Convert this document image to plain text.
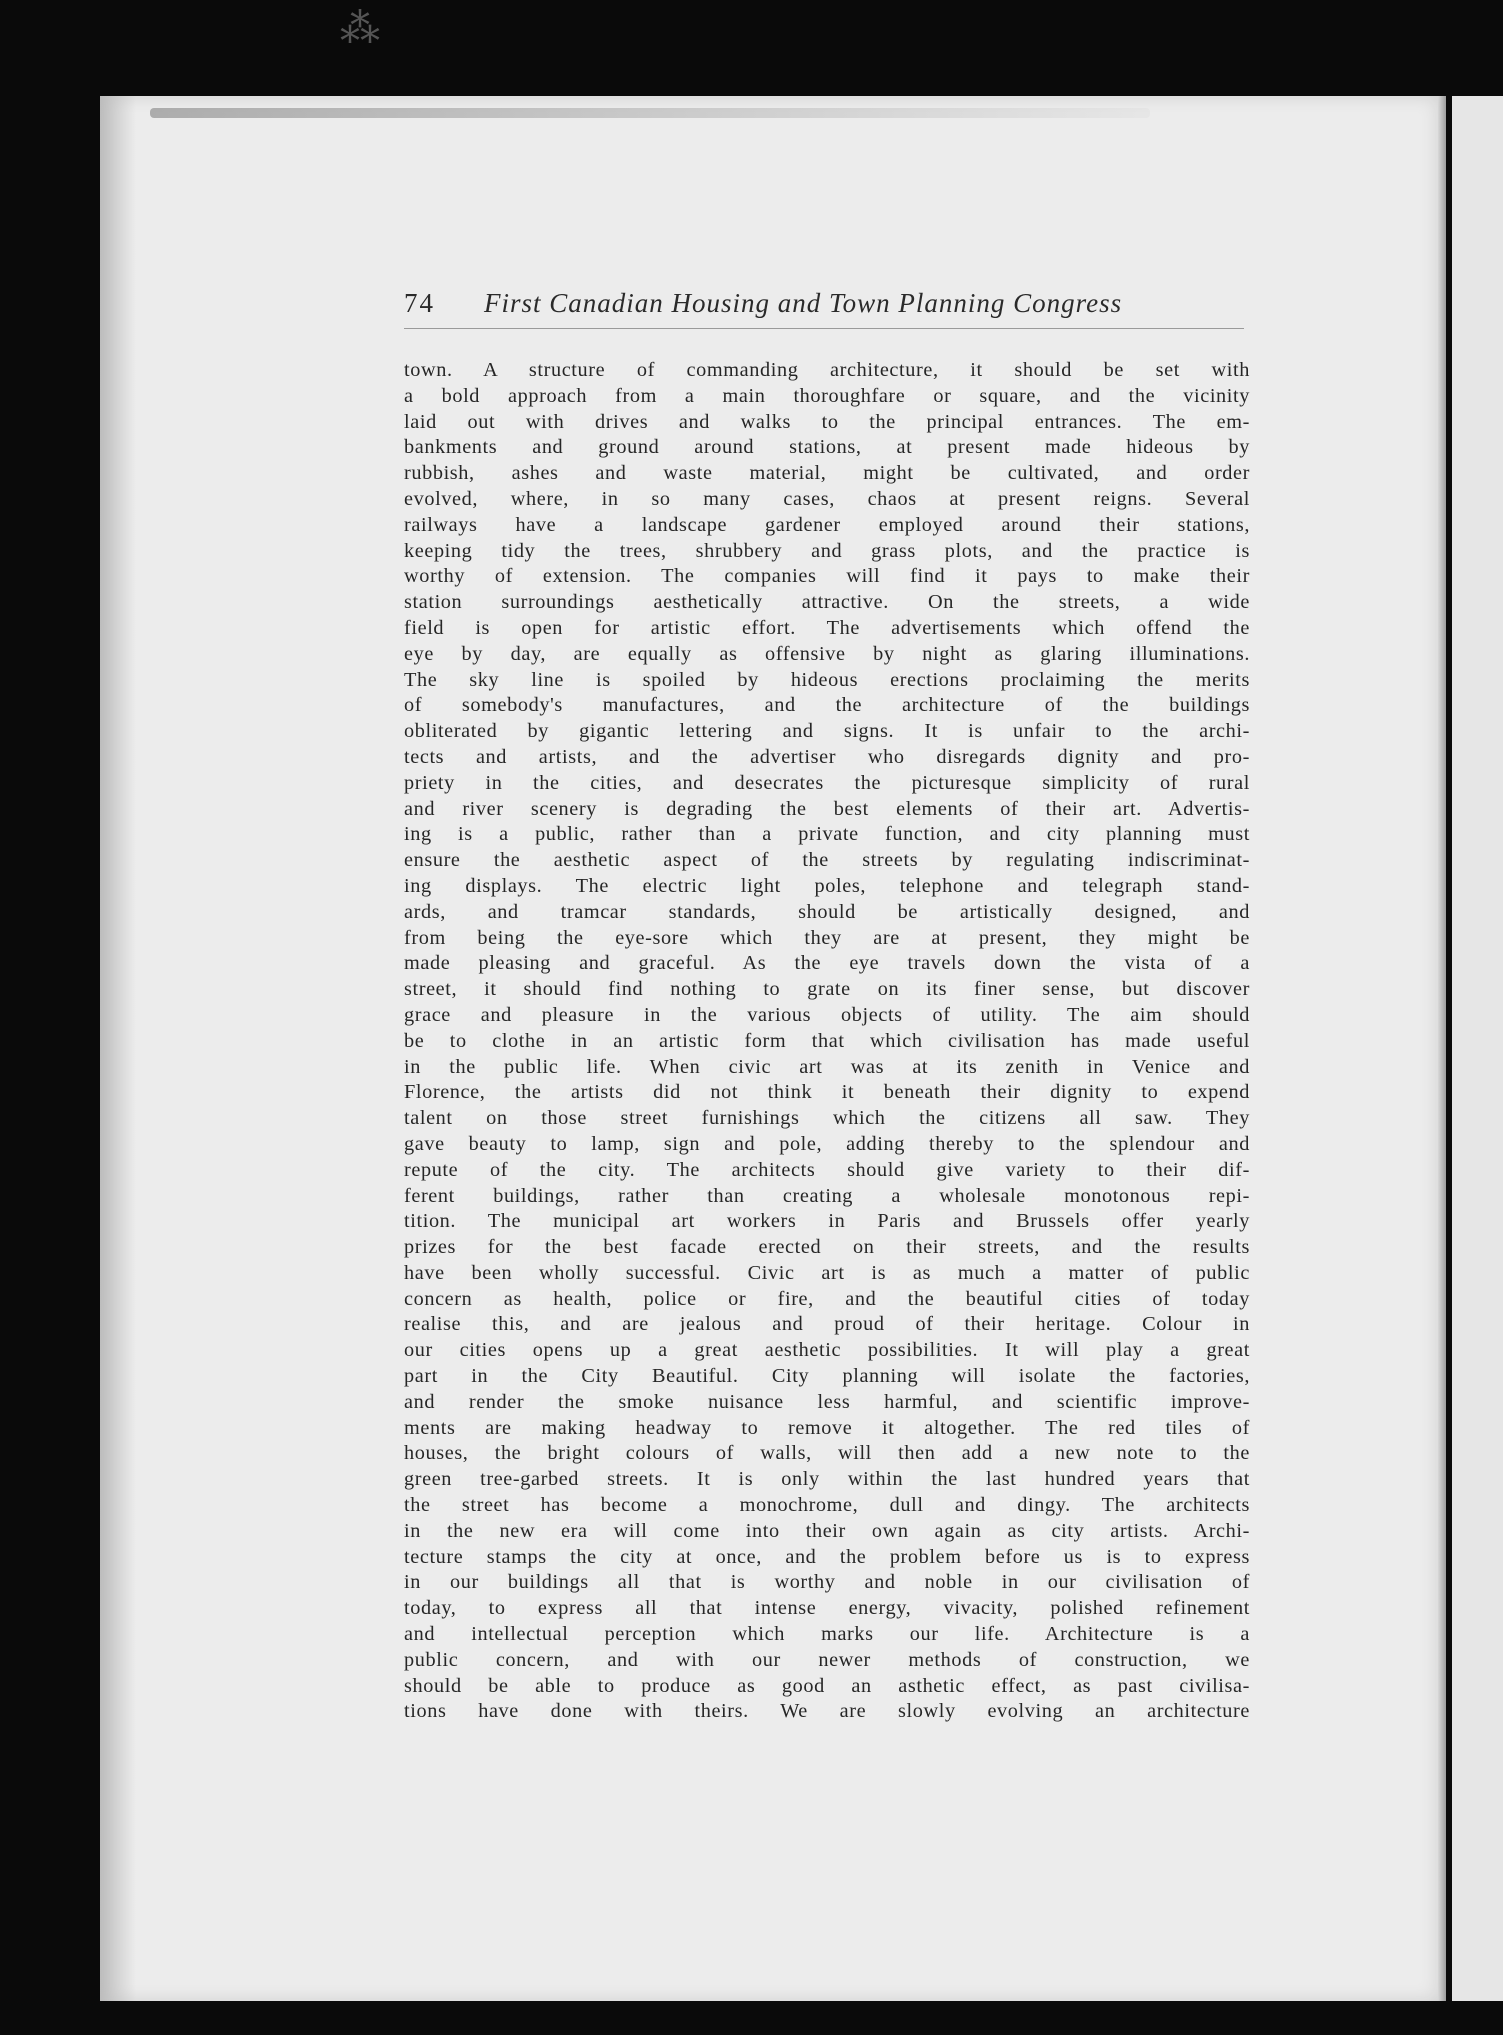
⁂
74 First Canadian Housing and Town Planning Congress
town. A structure of commanding architecture, it should be set with
a bold approach from a main thoroughfare or square, and the vicinity
laid out with drives and walks to the principal entrances. The em-
bankments and ground around stations, at present made hideous by
rubbish, ashes and waste material, might be cultivated, and order
evolved, where, in so many cases, chaos at present reigns. Several
railways have a landscape gardener employed around their stations,
keeping tidy the trees, shrubbery and grass plots, and the practice is
worthy of extension. The companies will find it pays to make their
station surroundings aesthetically attractive. On the streets, a wide
field is open for artistic effort. The advertisements which offend the
eye by day, are equally as offensive by night as glaring illuminations.
The sky line is spoiled by hideous erections proclaiming the merits
of somebody's manufactures, and the architecture of the buildings
obliterated by gigantic lettering and signs. It is unfair to the archi-
tects and artists, and the advertiser who disregards dignity and pro-
priety in the cities, and desecrates the picturesque simplicity of rural
and river scenery is degrading the best elements of their art. Advertis-
ing is a public, rather than a private function, and city planning must
ensure the aesthetic aspect of the streets by regulating indiscriminat-
ing displays. The electric light poles, telephone and telegraph stand-
ards, and tramcar standards, should be artistically designed, and
from being the eye-sore which they are at present, they might be
made pleasing and graceful. As the eye travels down the vista of a
street, it should find nothing to grate on its finer sense, but discover
grace and pleasure in the various objects of utility. The aim should
be to clothe in an artistic form that which civilisation has made useful
in the public life. When civic art was at its zenith in Venice and
Florence, the artists did not think it beneath their dignity to expend
talent on those street furnishings which the citizens all saw. They
gave beauty to lamp, sign and pole, adding thereby to the splendour and
repute of the city. The architects should give variety to their dif-
ferent buildings, rather than creating a wholesale monotonous repi-
tition. The municipal art workers in Paris and Brussels offer yearly
prizes for the best facade erected on their streets, and the results
have been wholly successful. Civic art is as much a matter of public
concern as health, police or fire, and the beautiful cities of today
realise this, and are jealous and proud of their heritage. Colour in
our cities opens up a great aesthetic possibilities. It will play a great
part in the City Beautiful. City planning will isolate the factories,
and render the smoke nuisance less harmful, and scientific improve-
ments are making headway to remove it altogether. The red tiles of
houses, the bright colours of walls, will then add a new note to the
green tree-garbed streets. It is only within the last hundred years that
the street has become a monochrome, dull and dingy. The architects
in the new era will come into their own again as city artists. Archi-
tecture stamps the city at once, and the problem before us is to express
in our buildings all that is worthy and noble in our civilisation of
today, to express all that intense energy, vivacity, polished refinement
and intellectual perception which marks our life. Architecture is a
public concern, and with our newer methods of construction, we
should be able to produce as good an asthetic effect, as past civilisa-
tions have done with theirs. We are slowly evolving an architecture
